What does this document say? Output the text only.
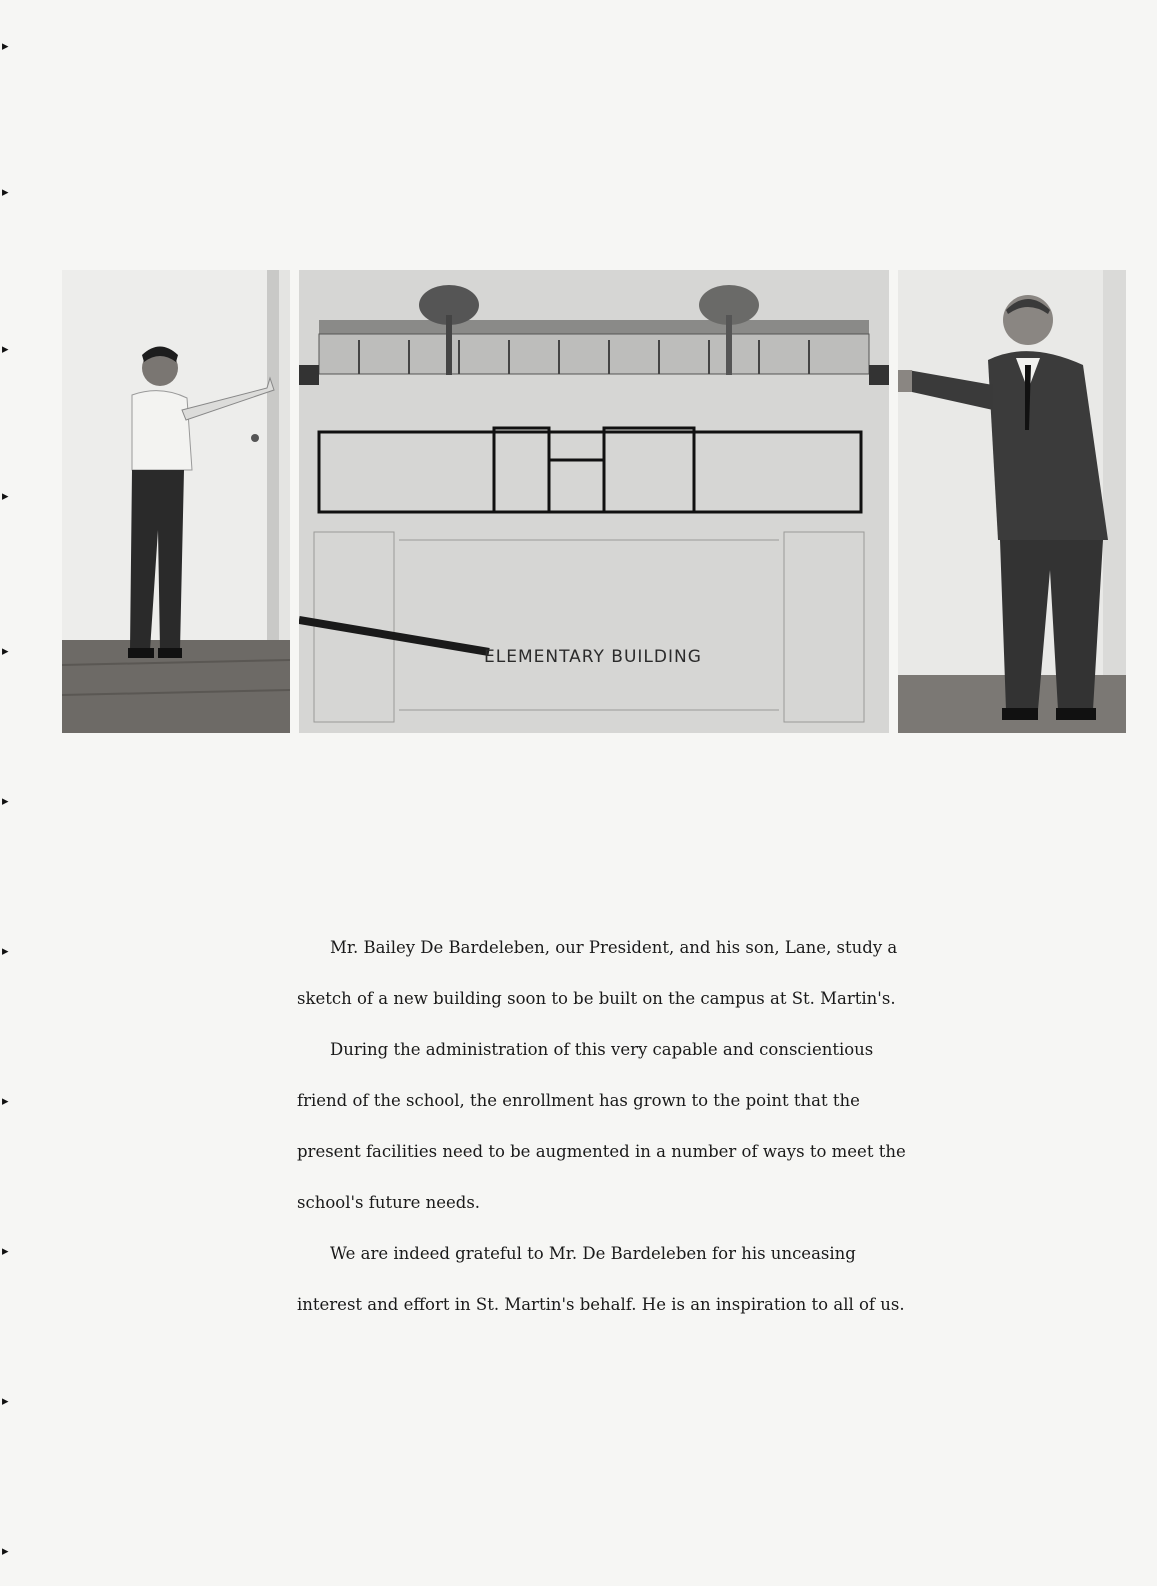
▸
▸
▸
▸
▸
▸
▸
▸
▸
▸
▸
ELEMENTARY BUILDING

Mr. Bailey De Bardeleben, our President, and his son, Lane, study a sketch of a new building soon to be built on the campus at St. Martin's.

During the administration of this very capable and conscientious friend of the school, the enrollment has grown to the point that the present facilities need to be augmented in a number of ways to meet the school's future needs.

We are indeed grateful to Mr. De Bardeleben for his unceasing interest and effort in St. Martin's behalf. He is an inspiration to all of us.
